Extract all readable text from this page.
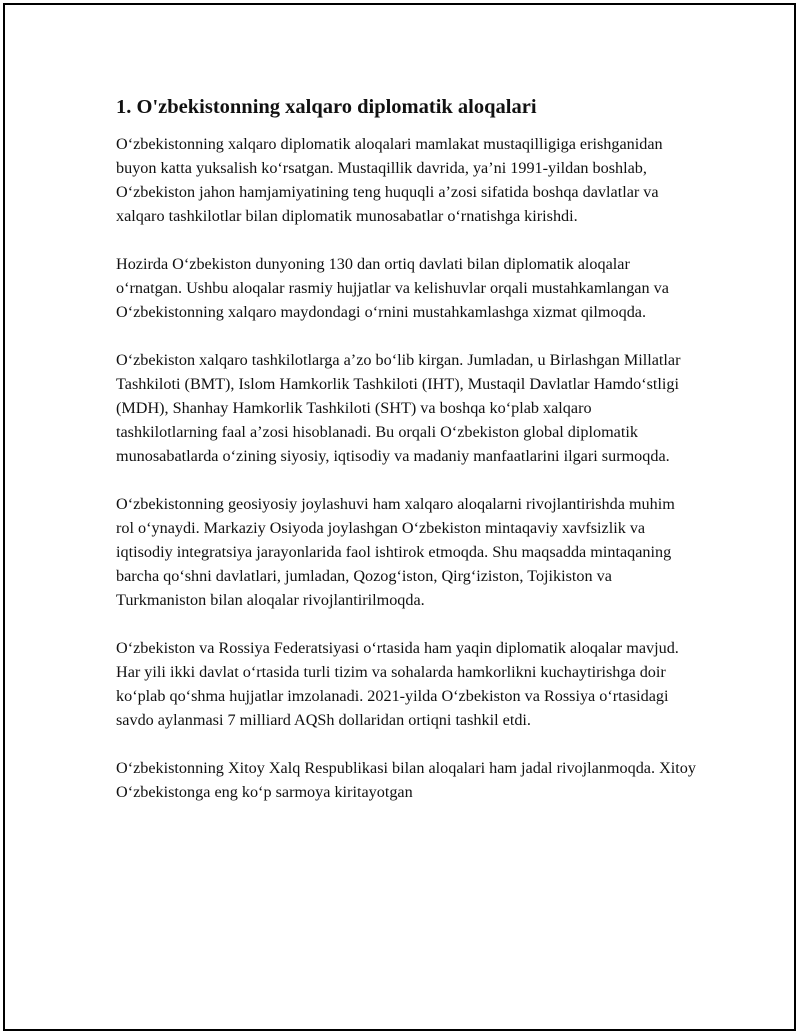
1. O'zbekistonning xalqaro diplomatik aloqalari

O‘zbekistonning xalqaro diplomatik aloqalari mamlakat mustaqilligiga erishganidan buyon katta yuksalish ko‘rsatgan. Mustaqillik davrida, ya’ni 1991-yildan boshlab, O‘zbekiston jahon hamjamiyatining teng huquqli a’zosi sifatida boshqa davlatlar va xalqaro tashkilotlar bilan diplomatik munosabatlar o‘rnatishga kirishdi.

Hozirda O‘zbekiston dunyoning 130 dan ortiq davlati bilan diplomatik aloqalar o‘rnatgan. Ushbu aloqalar rasmiy hujjatlar va kelishuvlar orqali mustahkamlangan va O‘zbekistonning xalqaro maydondagi o‘rnini mustahkamlashga xizmat qilmoqda.

O‘zbekiston xalqaro tashkilotlarga a’zo bo‘lib kirgan. Jumladan, u Birlashgan Millatlar Tashkiloti (BMT), Islom Hamkorlik Tashkiloti (IHT), Mustaqil Davlatlar Hamdo‘stligi (MDH), Shanhay Hamkorlik Tashkiloti (SHT) va boshqa ko‘plab xalqaro tashkilotlarning faal a’zosi hisoblanadi. Bu orqali O‘zbekiston global diplomatik munosabatlarda o‘zining siyosiy, iqtisodiy va madaniy manfaatlarini ilgari surmoqda.

O‘zbekistonning geosiyosiy joylashuvi ham xalqaro aloqalarni rivojlantirishda muhim rol o‘ynaydi. Markaziy Osiyoda joylashgan O‘zbekiston mintaqaviy xavfsizlik va iqtisodiy integratsiya jarayonlarida faol ishtirok etmoqda. Shu maqsadda mintaqaning barcha qo‘shni davlatlari, jumladan, Qozog‘iston, Qirg‘iziston, Tojikiston va Turkmaniston bilan aloqalar rivojlantirilmoqda.

O‘zbekiston va Rossiya Federatsiyasi o‘rtasida ham yaqin diplomatik aloqalar mavjud. Har yili ikki davlat o‘rtasida turli tizim va sohalarda hamkorlikni kuchaytirishga doir ko‘plab qo‘shma hujjatlar imzolanadi. 2021-yilda O‘zbekiston va Rossiya o‘rtasidagi savdo aylanmasi 7 milliard AQSh dollaridan ortiqni tashkil etdi.

O‘zbekistonning Xitoy Xalq Respublikasi bilan aloqalari ham jadal rivojlanmoqda. Xitoy O‘zbekistonga eng ko‘p sarmoya kiritayotgan
